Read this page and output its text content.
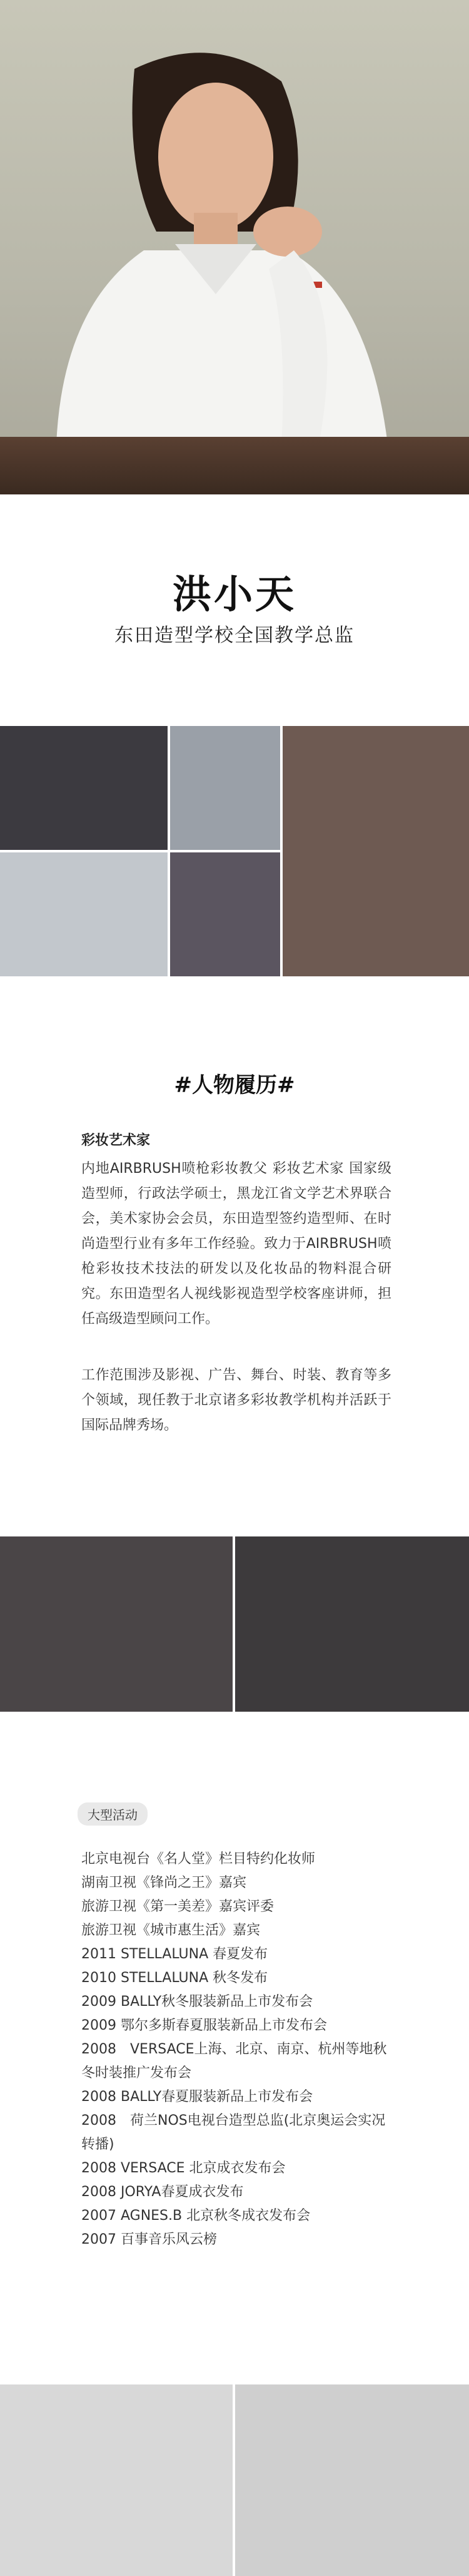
洪小天
东田造型学校全国教学总监
#人物履历#
彩妆艺术家
内地AIRBRUSH喷枪彩妆教父 彩妆艺术家 国家级造型师，行政法学硕士，黑龙江省文学艺术界联合会，美术家协会会员，东田造型签约造型师、在时尚造型行业有多年工作经验。致力于AIRBRUSH喷枪彩妆技术技法的研发以及化妆品的物料混合研究。东田造型名人视线影视造型学校客座讲师，担任高级造型顾问工作。
工作范围涉及影视、广告、舞台、时装、教育等多个领域，现任教于北京诸多彩妆教学机构并活跃于国际品牌秀场。
大型活动
北京电视台《名人堂》栏目特约化妆师
湖南卫视《锋尚之王》嘉宾
旅游卫视《第一美差》嘉宾评委
旅游卫视《城市惠生活》嘉宾
2011 STELLALUNA 春夏发布
2010 STELLALUNA 秋冬发布
2009 BALLY秋冬服装新品上市发布会
2009 鄂尔多斯春夏服装新品上市发布会
2008　VERSACE上海、北京、南京、杭州等地秋冬时装推广发布会
2008 BALLY春夏服装新品上市发布会
2008　荷兰NOS电视台造型总监(北京奥运会实况转播)
2008 VERSACE 北京成衣发布会
2008 JORYA春夏成衣发布
2007 AGNES.B 北京秋冬成衣发布会
2007 百事音乐风云榜
